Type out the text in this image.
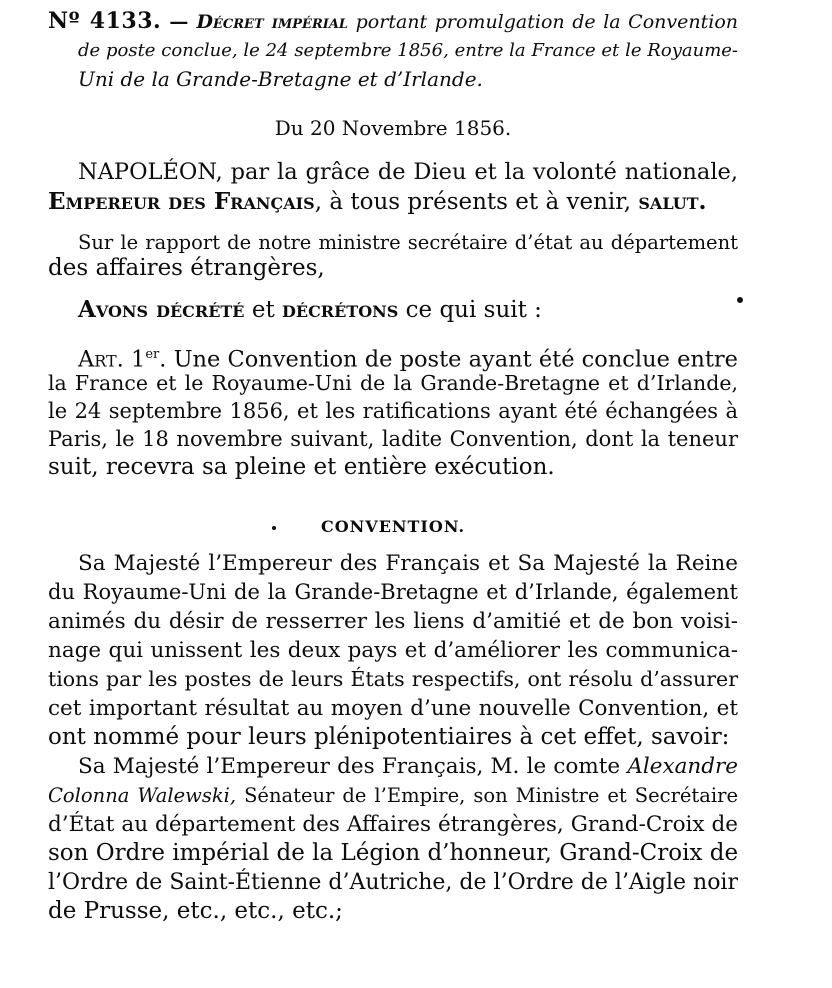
Nº 4133. — Décret impérial portant promulgation de la Convention
de poste conclue, le 24 septembre 1856, entre la France et le Royaume-
Uni de la Grande-Bretagne et d’Irlande.
Du 20 Novembre 1856.
NAPOLÉON, par la grâce de Dieu et la volonté nationale,
Empereur des Français, à tous présents et à venir, salut.
Sur le rapport de notre ministre secrétaire d’état au département
des affaires étrangères,
Avons décrété et décrétons ce qui suit :
Art. 1er. Une Convention de poste ayant été conclue entre
la France et le Royaume-Uni de la Grande-Bretagne et d’Irlande,
le 24 septembre 1856, et les ratifications ayant été échangées à
Paris, le 18 novembre suivant, ladite Convention, dont la teneur
suit, recevra sa pleine et entière exécution.
CONVENTION.
Sa Majesté l’Empereur des Français et Sa Majesté la Reine
du Royaume-Uni de la Grande-Bretagne et d’Irlande, également
animés du désir de resserrer les liens d’amitié et de bon voisi-
nage qui unissent les deux pays et d’améliorer les communica-
tions par les postes de leurs États respectifs, ont résolu d’assurer
cet important résultat au moyen d’une nouvelle Convention, et
ont nommé pour leurs plénipotentiaires à cet effet, savoir:
Sa Majesté l’Empereur des Français, M. le comte Alexandre
Colonna Walewski, Sénateur de l’Empire, son Ministre et Secrétaire
d’État au département des Affaires étrangères, Grand-Croix de
son Ordre impérial de la Légion d’honneur, Grand-Croix de
l’Ordre de Saint-Étienne d’Autriche, de l’Ordre de l’Aigle noir
de Prusse, etc., etc., etc.;
